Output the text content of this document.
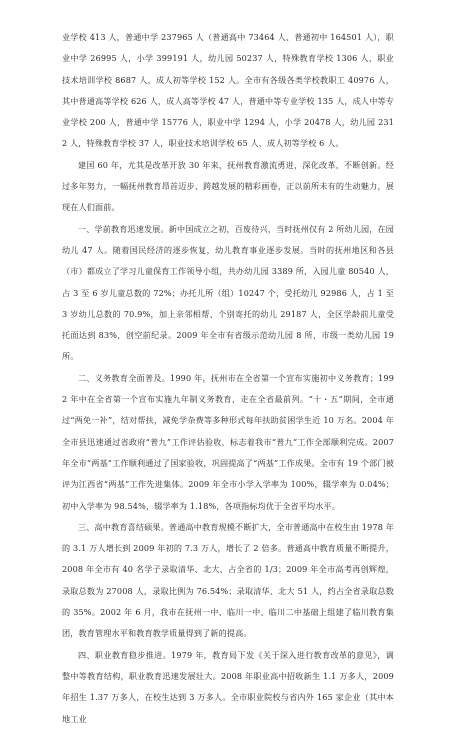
业学校 413 人，普通中学 237965 人（普通高中 73464 人、普通初中 164501 人），职业中学 26995 人，小学 399191 人，幼儿园 50237 人，特殊教育学校 1306 人，职业技术培训学校 8687 人，成人初等学校 152 人。全市有各级各类学校教职工 40976 人，其中普通高等学校 626 人，成人高等学校 47 人，普通中等专业学校 135 人，成人中等专业学校 200 人，普通中学 15776 人，职业中学 1294 人，小学 20478 人，幼儿园 2312 人，特殊教育学校 37 人，职业技术培训学校 65 人，成人初等学校 6 人。

建国 60 年，尤其是改革开放 30 年来，抚州教育激流勇进，深化改革，不断创新。经过多年努力，一幅抚州教育昂首迈步、跨越发展的精彩画卷，正以前所未有的生动魅力，展现在人们面前。

一、学前教育迅速发展。新中国成立之初，百废待兴，当时抚州仅有 2 所幼儿园，在园幼儿 47 人。随着国民经济的逐步恢复，幼儿教育事业逐步发展。当时的抚州地区和各县（市）都成立了学习儿童保育工作领导小组，共办幼儿园 3389 所，入园儿童 80540 人，占 3 至 6 岁儿童总数的 72%；办托儿所（组）10247 个，受托幼儿 92986 人，占 1 至 3 岁幼儿总数的 70.9%，加上亲邻相帮、个别寄托的幼儿 29187 人，全区学龄前儿童受托面达到 83%，创空前纪录。2009 年全市有省级示范幼儿园 8 所，市级一类幼儿园 19 所。

二、义务教育全面普及。1990 年，抚州市在全省第一个宣布实施初中义务教育；1992 年中在全省第一个宣布实施九年制义务教育，走在全省最前列。“十・五”期间，全市通过“两免一补”，结对帮扶，减免学杂费等多种形式每年扶助贫困学生近 10 万名。2004 年全市县迅速通过省政府“普九”工作评估验收，标志着我市“普九”工作全部顺利完成。2007 年全市“两基”工作顺利通过了国家验收，巩固提高了“两基”工作成果。全市有 19 个部门被评为江西省“两基”工作先进集体。2009 年全市小学入学率为 100%，辍学率为 0.04%；初中入学率为 98.54%，辍学率为 1.18%，各项指标均优于全省平均水平。

三、高中教育喜结硕果。普通高中教育规模不断扩大，全市普通高中在校生由 1978 年的 3.1 万人增长到 2009 年初的 7.3 万人，增长了 2 倍多。普通高中教育质量不断提升，2008 年全市有 40 名学子录取清华、北大，占全省的 1/3；2009 年全市高考再创辉煌，录取总数为 27008 人，录取比例为 76.54%；录取清华、北大 51 人，约占全省录取总数的 35%。2002 年 6 月，我市在抚州一中、临川一中、临川二中基础上组建了临川教育集团，教育管理水平和教育教学质量得到了新的提高。

四、职业教育稳步推进。1979 年，教育局下发《关于深入进行教育改革的意见》，调整中等教育结构，职业教育迅速发展壮大。2008 年职业高中招收新生 1.1 万多人，2009 年招生 1.37 万多人，在校生达到 3 万多人。全市职业院校与省内外 165 家企业（其中本地工业
